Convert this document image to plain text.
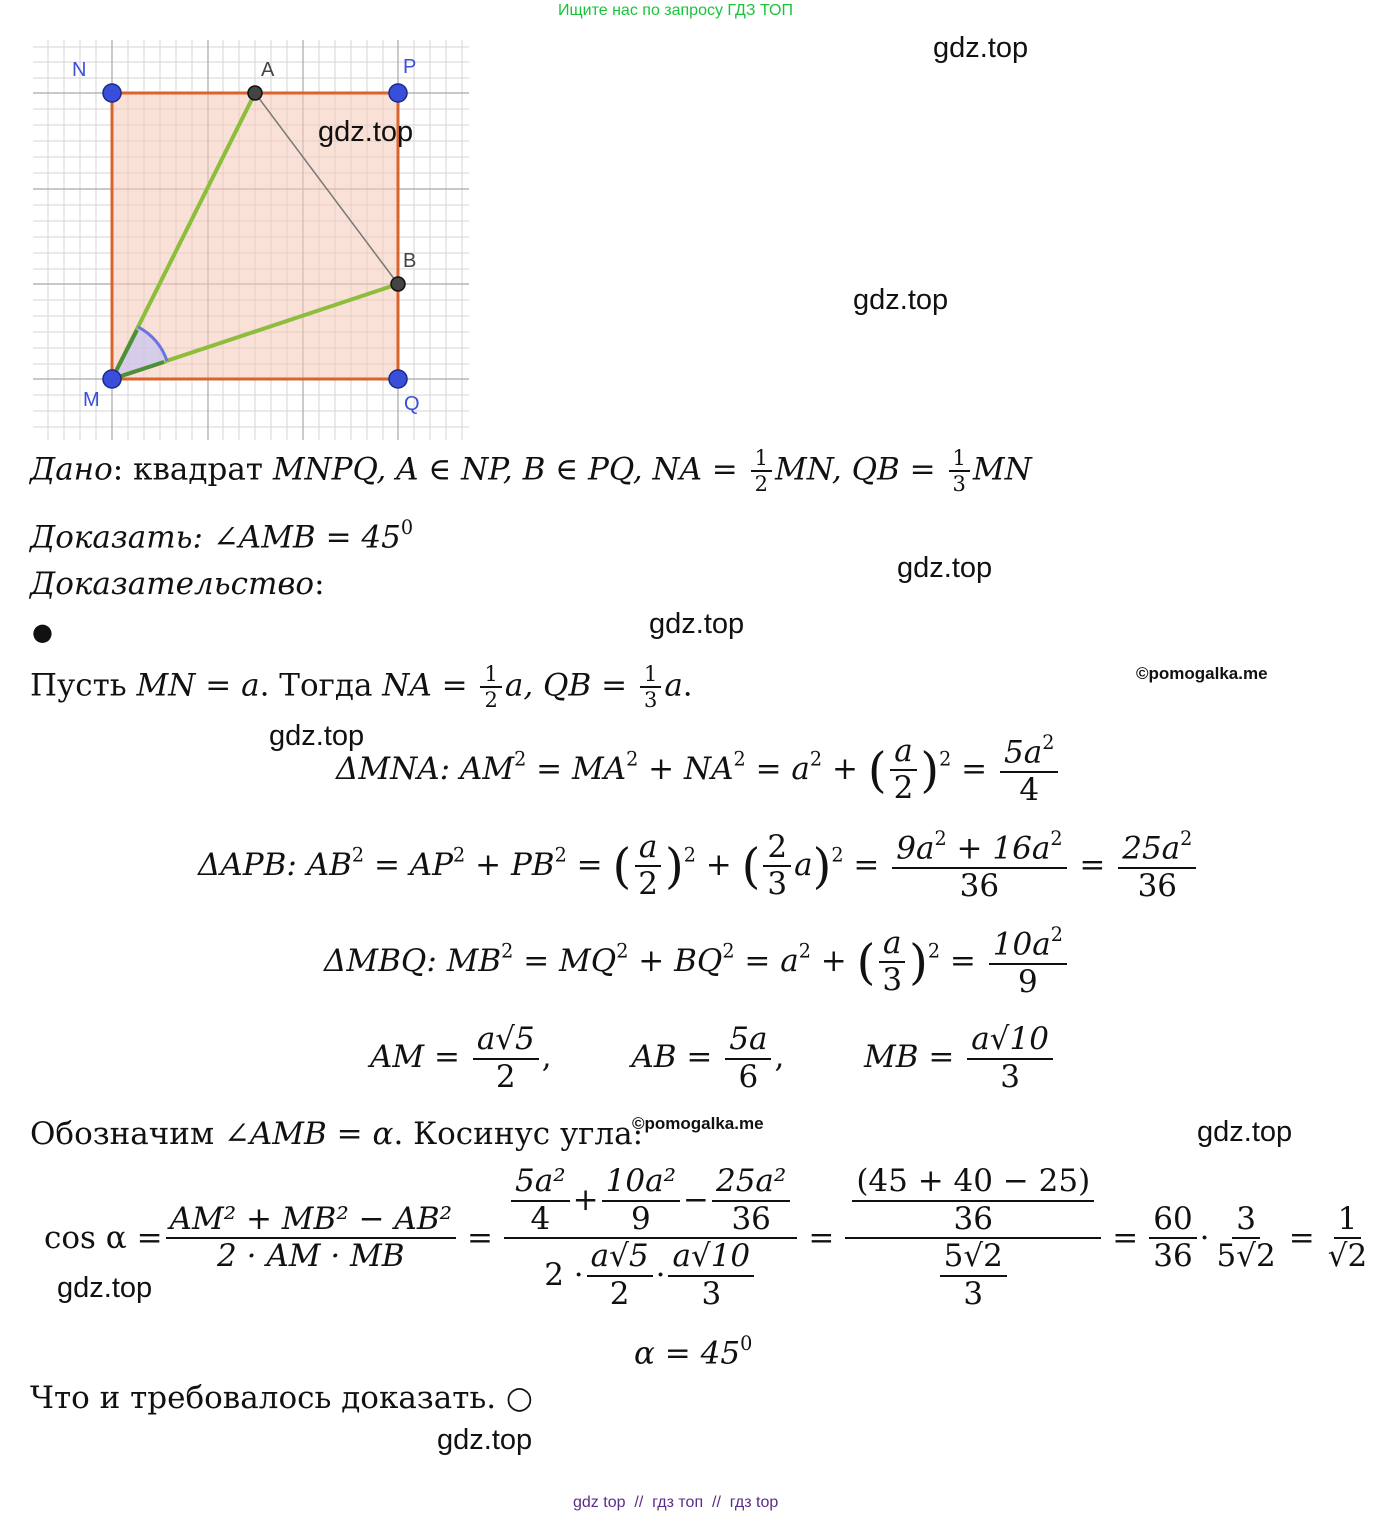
Ищите нас по запросу ГДЗ ТОП
N	A	P
B
M	Q
gdz.top
gdz.top
gdz.top
gdz.top
gdz.top
gdz.top
gdz.top
gdz.top
gdz.top
©pomogalka.me
©pomogalka.me
Дано: квадрат MNPQ, A ∈ NP, B ∈ PQ, NA = $\frac{1}{2}$ MN, QB = $\frac{1}{3}$ MN
Доказать: ∠AMB = $45^0$
Доказательство:
●
Пусть MN = a. Тогда NA = $\frac{1}{2} a$, QB = $\frac{1}{3} a$.
ΔMNA: $AM^2 = MA^2 + NA^2 = a^2$ + ( $\frac{a}{2} )^2 = \frac{5a^2}{4}$
ΔAPB: $AB^2 = AP^2 + PB^2$ = ( $\frac{a}{2} )^2$ + ( $\frac{2}{3} a)^2 = \frac{9a^2 + 16a^2}{36} = \frac{25a^2}{36}$
ΔMBQ: $MB^2 = MQ^2 + BQ^2 = a^2$ + ( $\frac{a}{3} )^2 = \frac{10a^2}{9}$
AM = $\frac{a√5}{2}$ ,	AB = $\frac{5a}{6}$ ,	MB = $\frac{a√10}{3}$
Обозначим ∠AMB = α. Косинус угла:
$\cos \alpha = \frac{\text{AM² + MB² − AB²}}{2 \cdot AM \cdot MB} = 5a^2$
4
+ $\frac{\text{10a²}}{9} - \frac{\text{25a²}}{36}$
2 ·
a√5
2
·
a√10
3 = (45 + 40 − 25)
36
5√2
$3 = \frac{60}{36} \cdot \frac{3}{5√2} = \frac{1}{√2}$
$\alpha = 45^0$
Что и требовалось доказать. ○
gdz top  //  гдз топ  //  гдз top
